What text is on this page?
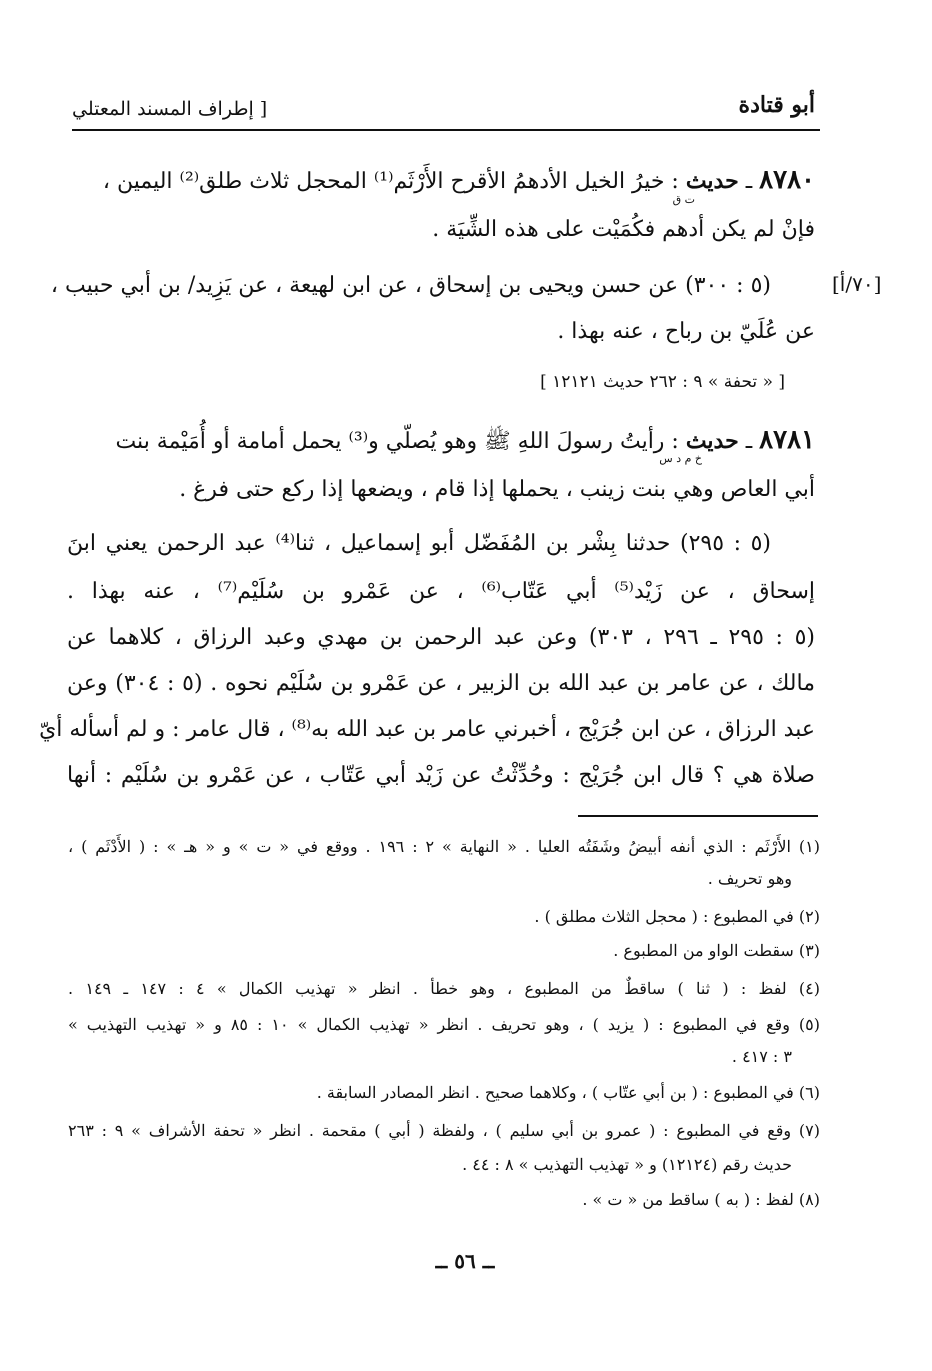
أبو قتادة
[ إطراف المسند المعتلي
٨٧٨٠ ـ حديث : خيرُ الخيل الأدهمُ الأقرح الأَرْثَم⁽¹⁾ المحجل ثلاث طلق⁽²⁾ اليمين ،
ت ق
فإنْ لم يكن أدهم فكُمَيْت على هذه الشِّيَة .
[٧٠/أ]
(٥ : ٣٠٠) عن حسن ويحيى بن إسحاق ، عن ابن لهيعة ، عن يَزِيد/ بن أبي حبيب ،
عن عُلَيّ بن رباح ، عنه بهذا .
[ « تحفة » ٩ : ٢٦٢ حديث ١٢١٢١ ]
٨٧٨١ ـ حديث : رأيتُ رسولَ اللهِ ﷺ وهو يُصلّي و⁽³⁾ يحمل أمامة أو أُمَيْمة بنت
خ م د س
أبي العاص وهي بنت زينب ، يحملها إذا قام ، ويضعها إذا ركع حتى فرغ .
(٥ : ٢٩٥) حدثنا بِشْر بن المُفَضّل أبو إسماعيل ، ثنا⁽⁴⁾ عبد الرحمن يعني ابنَ
إسحاق ، عن زَيْد⁽⁵⁾ أبي عَتّاب⁽⁶⁾ ، عن عَمْرو بن سُلَيْم⁽⁷⁾ ، عنه بهذا .
(٥ : ٢٩٥ ـ ٢٩٦ ، ٣٠٣) وعن عبد الرحمن بن مهدي وعبد الرزاق ، كلاهما عن
مالك ، عن عامر بن عبد الله بن الزبير ، عن عَمْرو بن سُلَيْم نحوه . (٥ : ٣٠٤) وعن
عبد الرزاق ، عن ابن جُرَيْج ، أخبرني عامر بن عبد الله به⁽⁸⁾ ، قال عامر : و لم أسأله أيّ
صلاة هي ؟ قال ابن جُرَيْج : وحُدِّثْتُ عن زَيْد أبي عَتّاب ، عن عَمْرو بن سُلَيْم : أنها
(١) الأَرْثَم : الذي أنفه أبيضُ وشَفَتُه العليا . « النهاية » ٢ : ١٩٦ . ووقع في « ت » و « هـ » : ( الأَدْثَم ) ،
وهو تحريف .
(٢) في المطبوع : ( محجل الثلاث مطلق ) .
(٣) سقطت الواو من المطبوع .
(٤) لفظ : ( ثنا ) ساقطٌ من المطبوع ، وهو خطأ . انظر « تهذيب الكمال » ٤ : ١٤٧ ـ ١٤٩ .
(٥) وقع في المطبوع : ( يزيد ) ، وهو تحريف . انظر « تهذيب الكمال » ١٠ : ٨٥ و « تهذيب التهذيب »
٣ : ٤١٧ .
(٦) في المطبوع : ( بن أبي عتّاب ) ، وكلاهما صحيح . انظر المصادر السابقة .
(٧) وقع في المطبوع : ( عمرو بن أبي سليم ) ، ولفظة ( أبي ) مقحمة . انظر « تحفة الأشراف » ٩ : ٢٦٣
حديث رقم (١٢١٢٤) و « تهذيب التهذيب » ٨ : ٤٤ .
(٨) لفظ : ( به ) ساقط من « ت » .
ــ ٥٦ ــ
